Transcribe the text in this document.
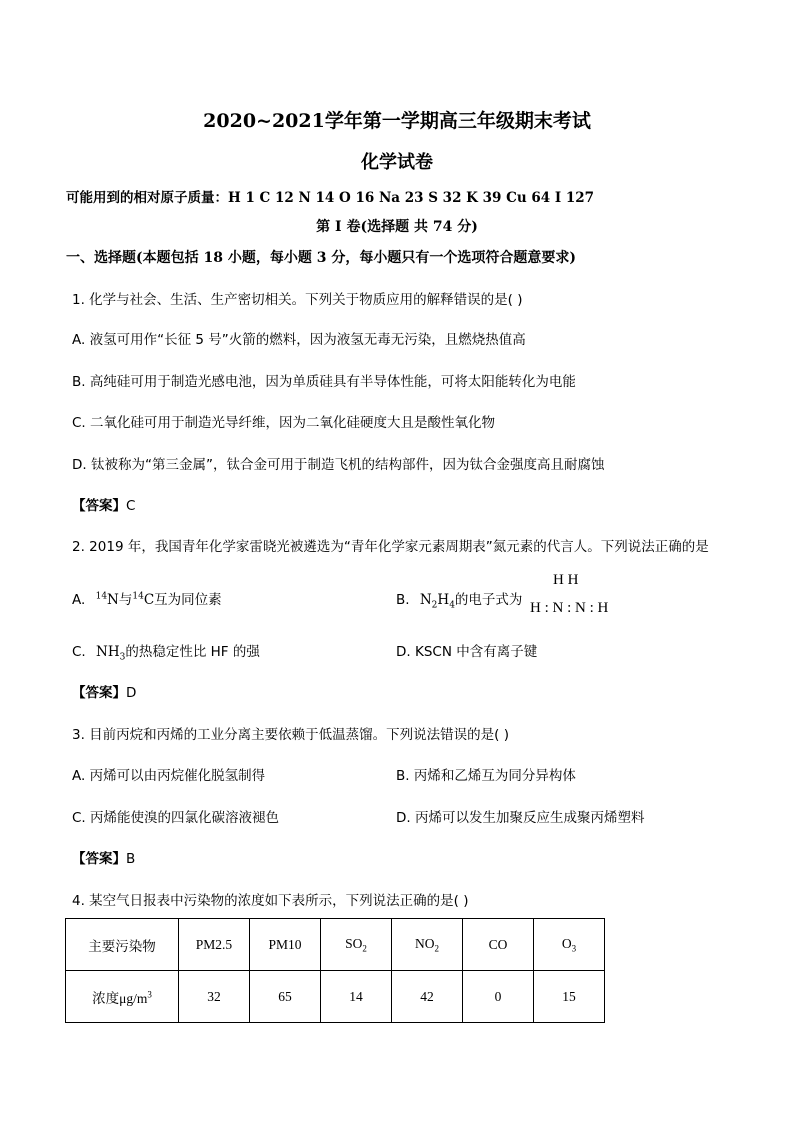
2020~2021学年第一学期高三年级期末考试
化学试卷
可能用到的相对原子质量：H 1 C 12 N 14 O 16 Na 23 S 32 K 39 Cu 64 I 127
第 I 卷(选择题 共 74 分)
一、选择题(本题包括 18 小题，每小题 3 分，每小题只有一个选项符合题意要求)
1. 化学与社会、生活、生产密切相关。下列关于物质应用的解释错误的是( )
A. 液氢可用作“长征 5 号”火箭的燃料，因为液氢无毒无污染，且燃烧热值高
B. 高纯硅可用于制造光感电池，因为单质硅具有半导体性能，可将太阳能转化为电能
C. 二氧化硅可用于制造光导纤维，因为二氧化硅硬度大且是酸性氧化物
D. 钛被称为“第三金属”，钛合金可用于制造飞机的结构部件，因为钛合金强度高且耐腐蚀
【答案】C
2. 2019 年，我国青年化学家雷晓光被遴选为“青年化学家元素周期表”氮元素的代言人。下列说法正确的是
A. $^{14}$N与$^{14}$C互为同位素	B. $N_2H_4$的电子式为
H H
H : N : N : H
C. $NH_3$的热稳定性比 HF 的强	D. KSCN 中含有离子键
【答案】D
3. 目前丙烷和丙烯的工业分离主要依赖于低温蒸馏。下列说法错误的是( )
A. 丙烯可以由丙烷催化脱氢制得	B. 丙烯和乙烯互为同分异构体
C. 丙烯能使溴的四氯化碳溶液褪色	D. 丙烯可以发生加聚反应生成聚丙烯塑料
【答案】B
4. 某空气日报表中污染物的浓度如下表所示，下列说法正确的是( )
主要污染物	PM2.5	PM10	$SO_2$	$NO_2$	CO	$O_3$
浓度$\mu g/m^3$	32	65	14	42	0	15
